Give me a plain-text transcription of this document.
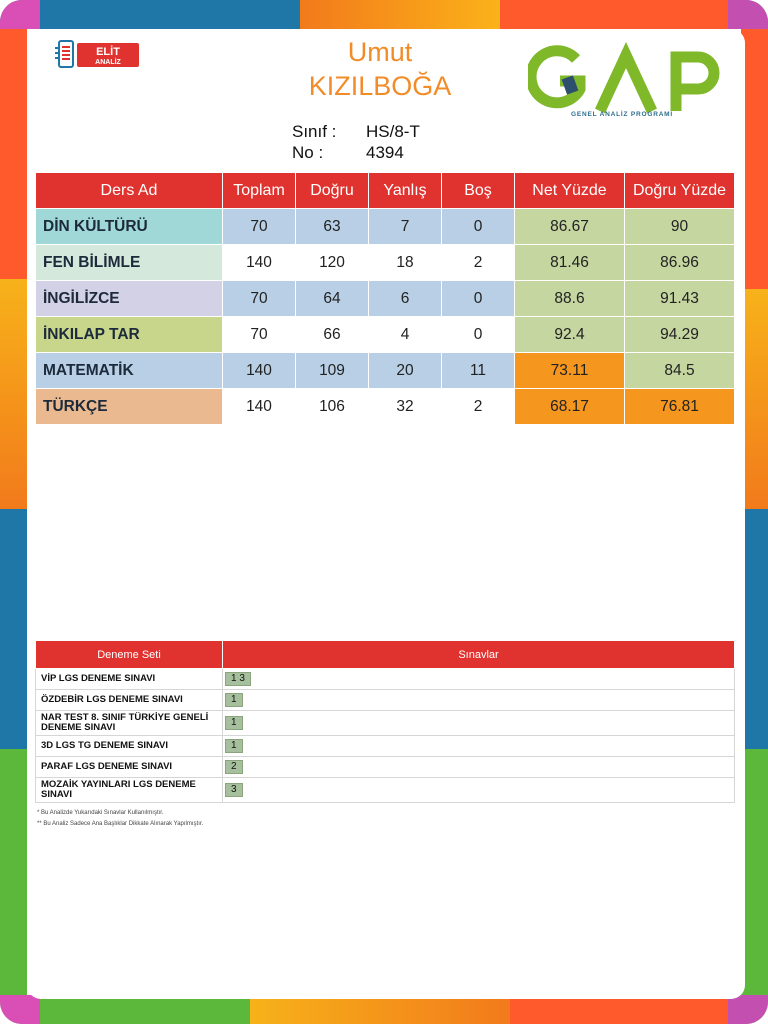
ELİT
ANALİZ	Umut
KIZILBOĞA
GENEL ANALİZ PROGRAMI
Sınıf : HS/8-T
No :	4394
Ders Ad	Toplam	Doğru	Yanlış	Boş	Net Yüzde	Doğru Yüzde
DİN KÜLTÜRÜ	70	63	7	0	86.67	90
FEN BİLİMLE	140	120	18	2	81.46	86.96
İNGİLİZCE	70	64	6	0	88.6	91.43
İNKILAP TAR	70	66	4	0	92.4	94.29
MATEMATİK	140	109	20	11	73.11	84.5
TÜRKÇE	140	106	32	2	68.17	76.81
Deneme Seti	Sınavlar
VİP LGS DENEME SINAVI	1 3
ÖZDEBİR LGS DENEME SINAVI	1
NAR TEST 8. SINIF TÜRKİYE GENELİ DENEME SINAVI	1
3D LGS TG DENEME SINAVI	1
PARAF LGS DENEME SINAVI	2
MOZAİK YAYINLARI LGS DENEME SINAVI	3
* Bu Analizde Yukarıdaki Sınavlar Kullanılmıştır.
** Bu Analiz Sadece Ana Başlıklar Dikkate Alınarak Yapılmıştır.
